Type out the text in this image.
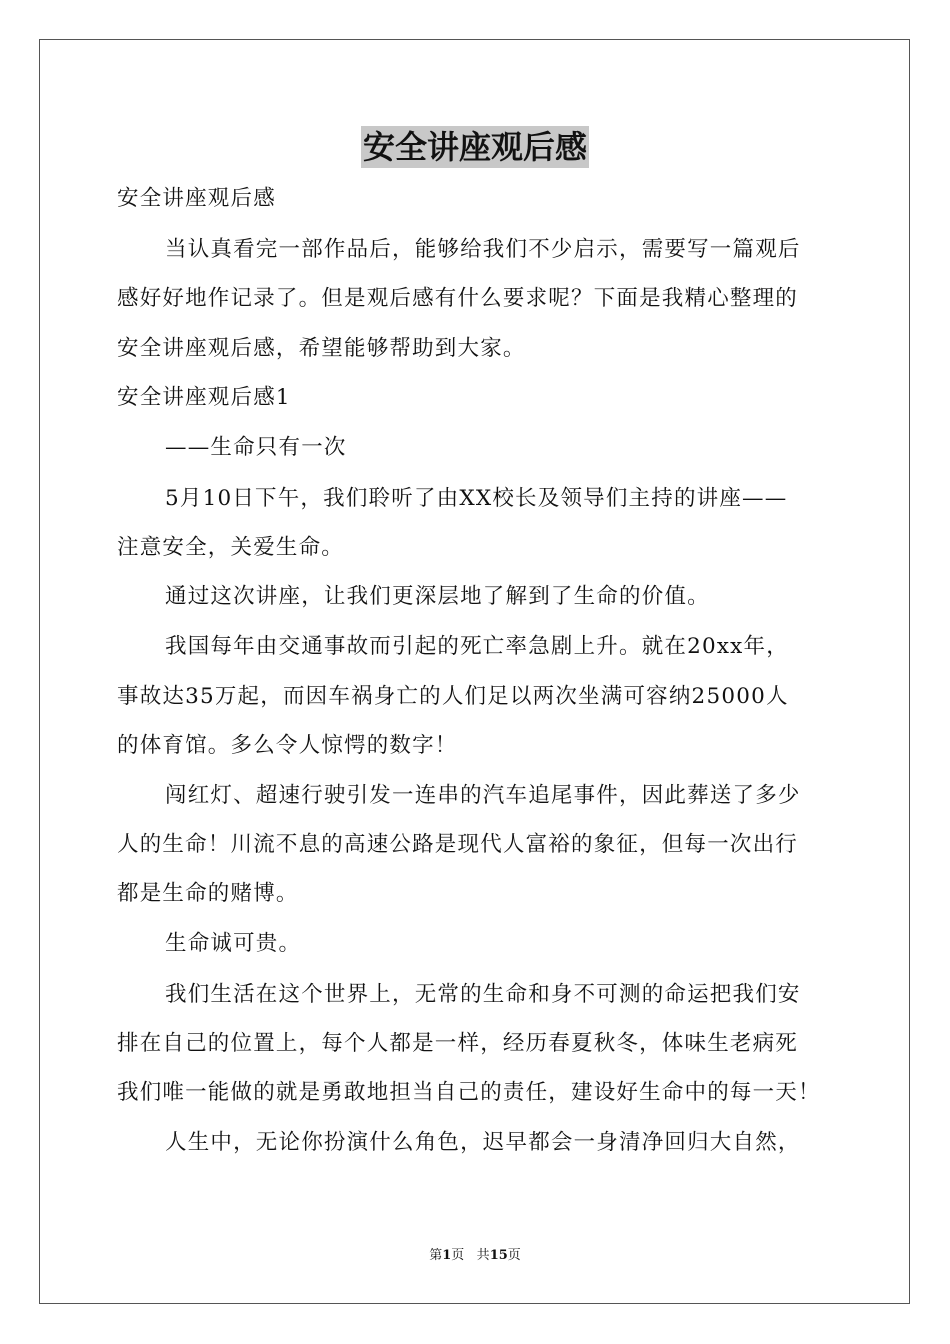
安全讲座观后感
安全讲座观后感
当认真看完一部作品后，能够给我们不少启示，需要写一篇观后
感好好地作记录了。但是观后感有什么要求呢？下面是我精心整理的
安全讲座观后感，希望能够帮助到大家。
安全讲座观后感1
——生命只有一次
5月10日下午，我们聆听了由XX校长及领导们主持的讲座——
注意安全，关爱生命。
通过这次讲座，让我们更深层地了解到了生命的价值。
我国每年由交通事故而引起的死亡率急剧上升。就在20xx年，
事故达35万起，而因车祸身亡的人们足以两次坐满可容纳25000人
的体育馆。多么令人惊愕的数字！
闯红灯、超速行驶引发一连串的汽车追尾事件，因此葬送了多少
人的生命！川流不息的高速公路是现代人富裕的象征，但每一次出行
都是生命的赌博。
生命诚可贵。
我们生活在这个世界上，无常的生命和身不可测的命运把我们安
排在自己的位置上，每个人都是一样，经历春夏秋冬，体味生老病死
我们唯一能做的就是勇敢地担当自己的责任，建设好生命中的每一天！
人生中，无论你扮演什么角色，迟早都会一身清净回归大自然，
第1页 共15页
